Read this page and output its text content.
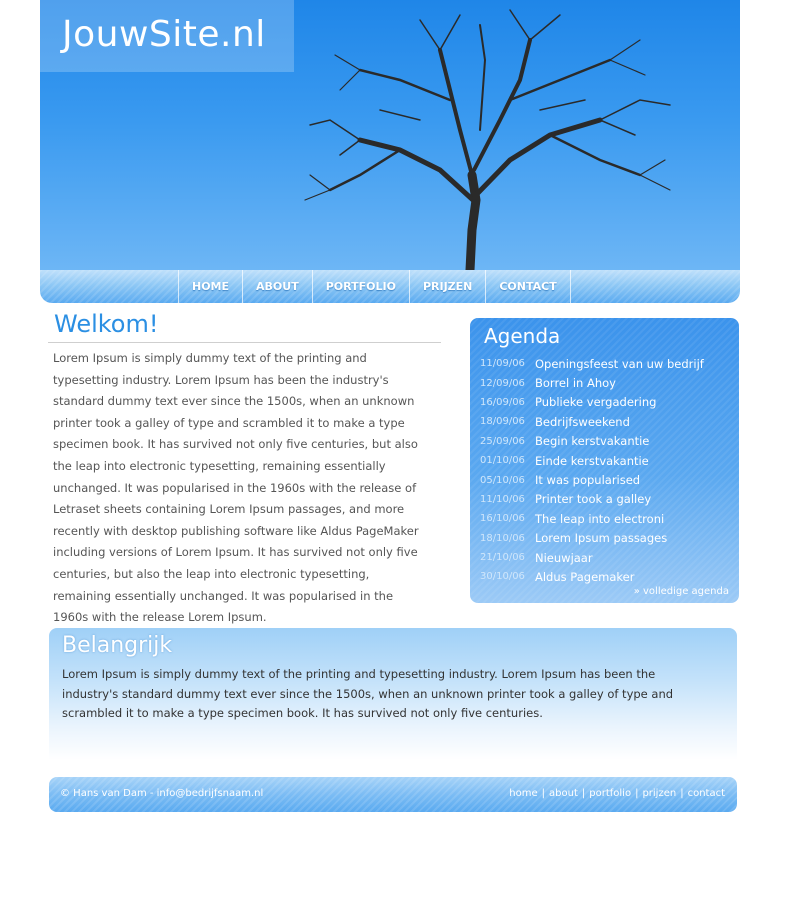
JouwSite.nl
HOME	ABOUT	PORTFOLIO	PRIJZEN	CONTACT
Welkom!

Lorem Ipsum is simply dummy text of the printing and typesetting industry. Lorem Ipsum has been the industry's standard dummy text ever since the 1500s, when an unknown printer took a galley of type and scrambled it to make a type specimen book. It has survived not only five centuries, but also the leap into electronic typesetting, remaining essentially unchanged. It was popularised in the 1960s with the release of Letraset sheets containing Lorem Ipsum passages, and more recently with desktop publishing software like Aldus PageMaker including versions of Lorem Ipsum. It has survived not only five centuries, but also the leap into electronic typesetting, remaining essentially unchanged. It was popularised in the 1960s with the release Lorem Ipsum.

Agenda
11/09/06 Openingsfeest van uw bedrijf
12/09/06 Borrel in Ahoy
16/09/06 Publieke vergadering
18/09/06 Bedrijfsweekend
25/09/06 Begin kerstvakantie
01/10/06 Einde kerstvakantie
05/10/06 It was popularised
11/10/06 Printer took a galley
16/10/06 The leap into electroni
18/10/06 Lorem Ipsum passages
21/10/06 Nieuwjaar
30/10/06 Aldus Pagemaker
» volledige agenda
Belangrijk

Lorem Ipsum is simply dummy text of the printing and typesetting industry. Lorem Ipsum has been the industry's standard dummy text ever since the 1500s, when an unknown printer took a galley of type and scrambled it to make a type specimen book. It has survived not only five centuries.

© Hans van Dam - info@bedrijfsnaam.nl	home | about | portfolio | prijzen | contact
